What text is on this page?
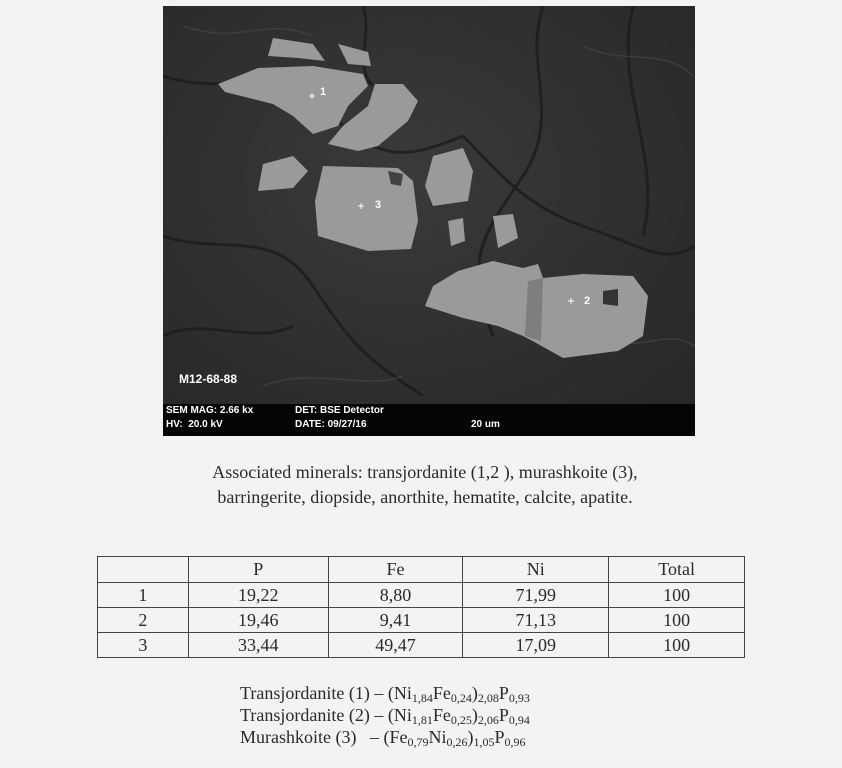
1
2
3
M12-68-88
SEM MAG: 2.66 kx
HV:  20.0 kV
DET: BSE Detector
DATE: 09/27/16	20 um
Associated minerals: transjordanite (1,2 ), murashkoite (3),
barringerite, diopside, anorthite, hematite, calcite, apatite.
	P	Fe	Ni	Total
1	19,22	8,80	71,99	100
2	19,46	9,41	71,13	100
3	33,44	49,47	17,09	100
Transjordanite $(1) - (Ni_{1,84}Fe_{0,24})_{2,08}P_{0,93}$
Transjordanite $(2) - (Ni_{1,81}Fe_{0,25})_{2,06}P_{0,94}$
Murashkoite $(3) - (Fe_{0,79}Ni_{0,26})_{1,05}P_{0,96}$
